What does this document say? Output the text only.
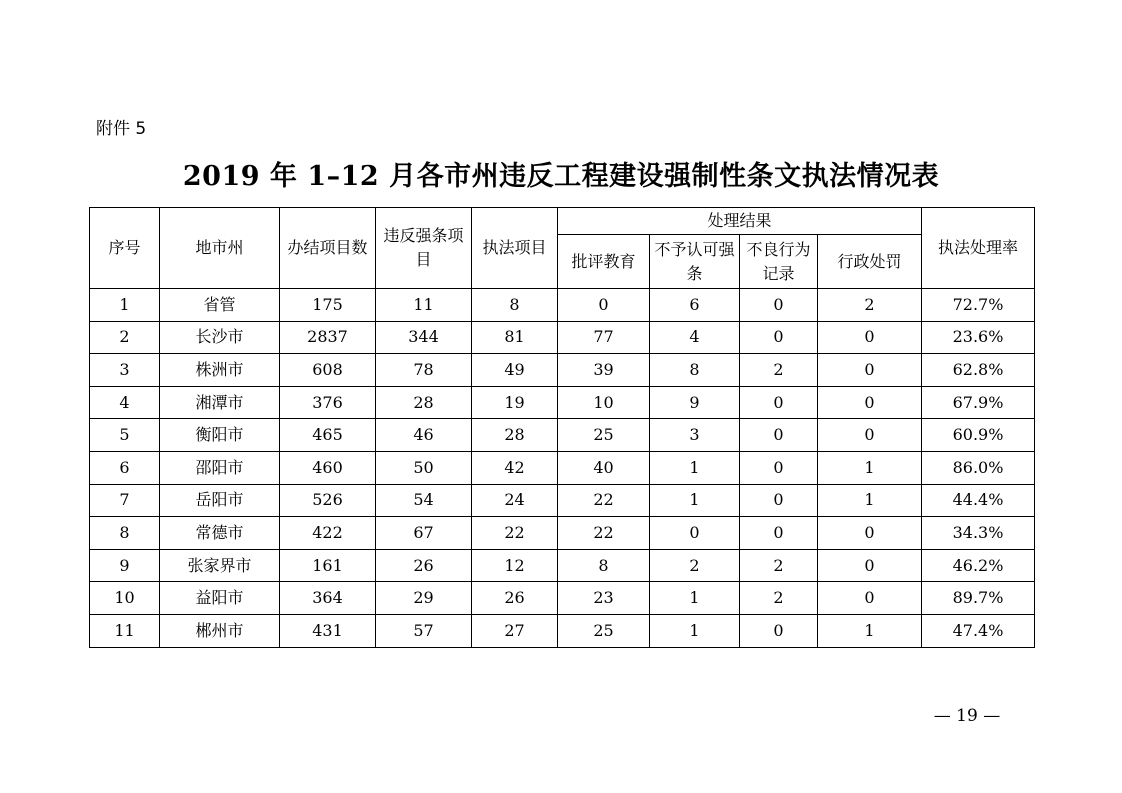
附件 5
2019 年 1–12 月各市州违反工程建设强制性条文执法情况表
序号	地市州	办结项目数	违反强条项目	执法项目	处理结果				执法处理率
					批评教育	不予认可强条	不良行为记录	行政处罚	
1	省管	175	11	8	0	6	0	2	72.7%
2	长沙市	2837	344	81	77	4	0	0	23.6%
3	株洲市	608	78	49	39	8	2	0	62.8%
4	湘潭市	376	28	19	10	9	0	0	67.9%
5	衡阳市	465	46	28	25	3	0	0	60.9%
6	邵阳市	460	50	42	40	1	0	1	86.0%
7	岳阳市	526	54	24	22	1	0	1	44.4%
8	常德市	422	67	22	22	0	0	0	34.3%
9	张家界市	161	26	12	8	2	2	0	46.2%
10	益阳市	364	29	26	23	1	2	0	89.7%
11	郴州市	431	57	27	25	1	0	1	47.4%
— 19 —
